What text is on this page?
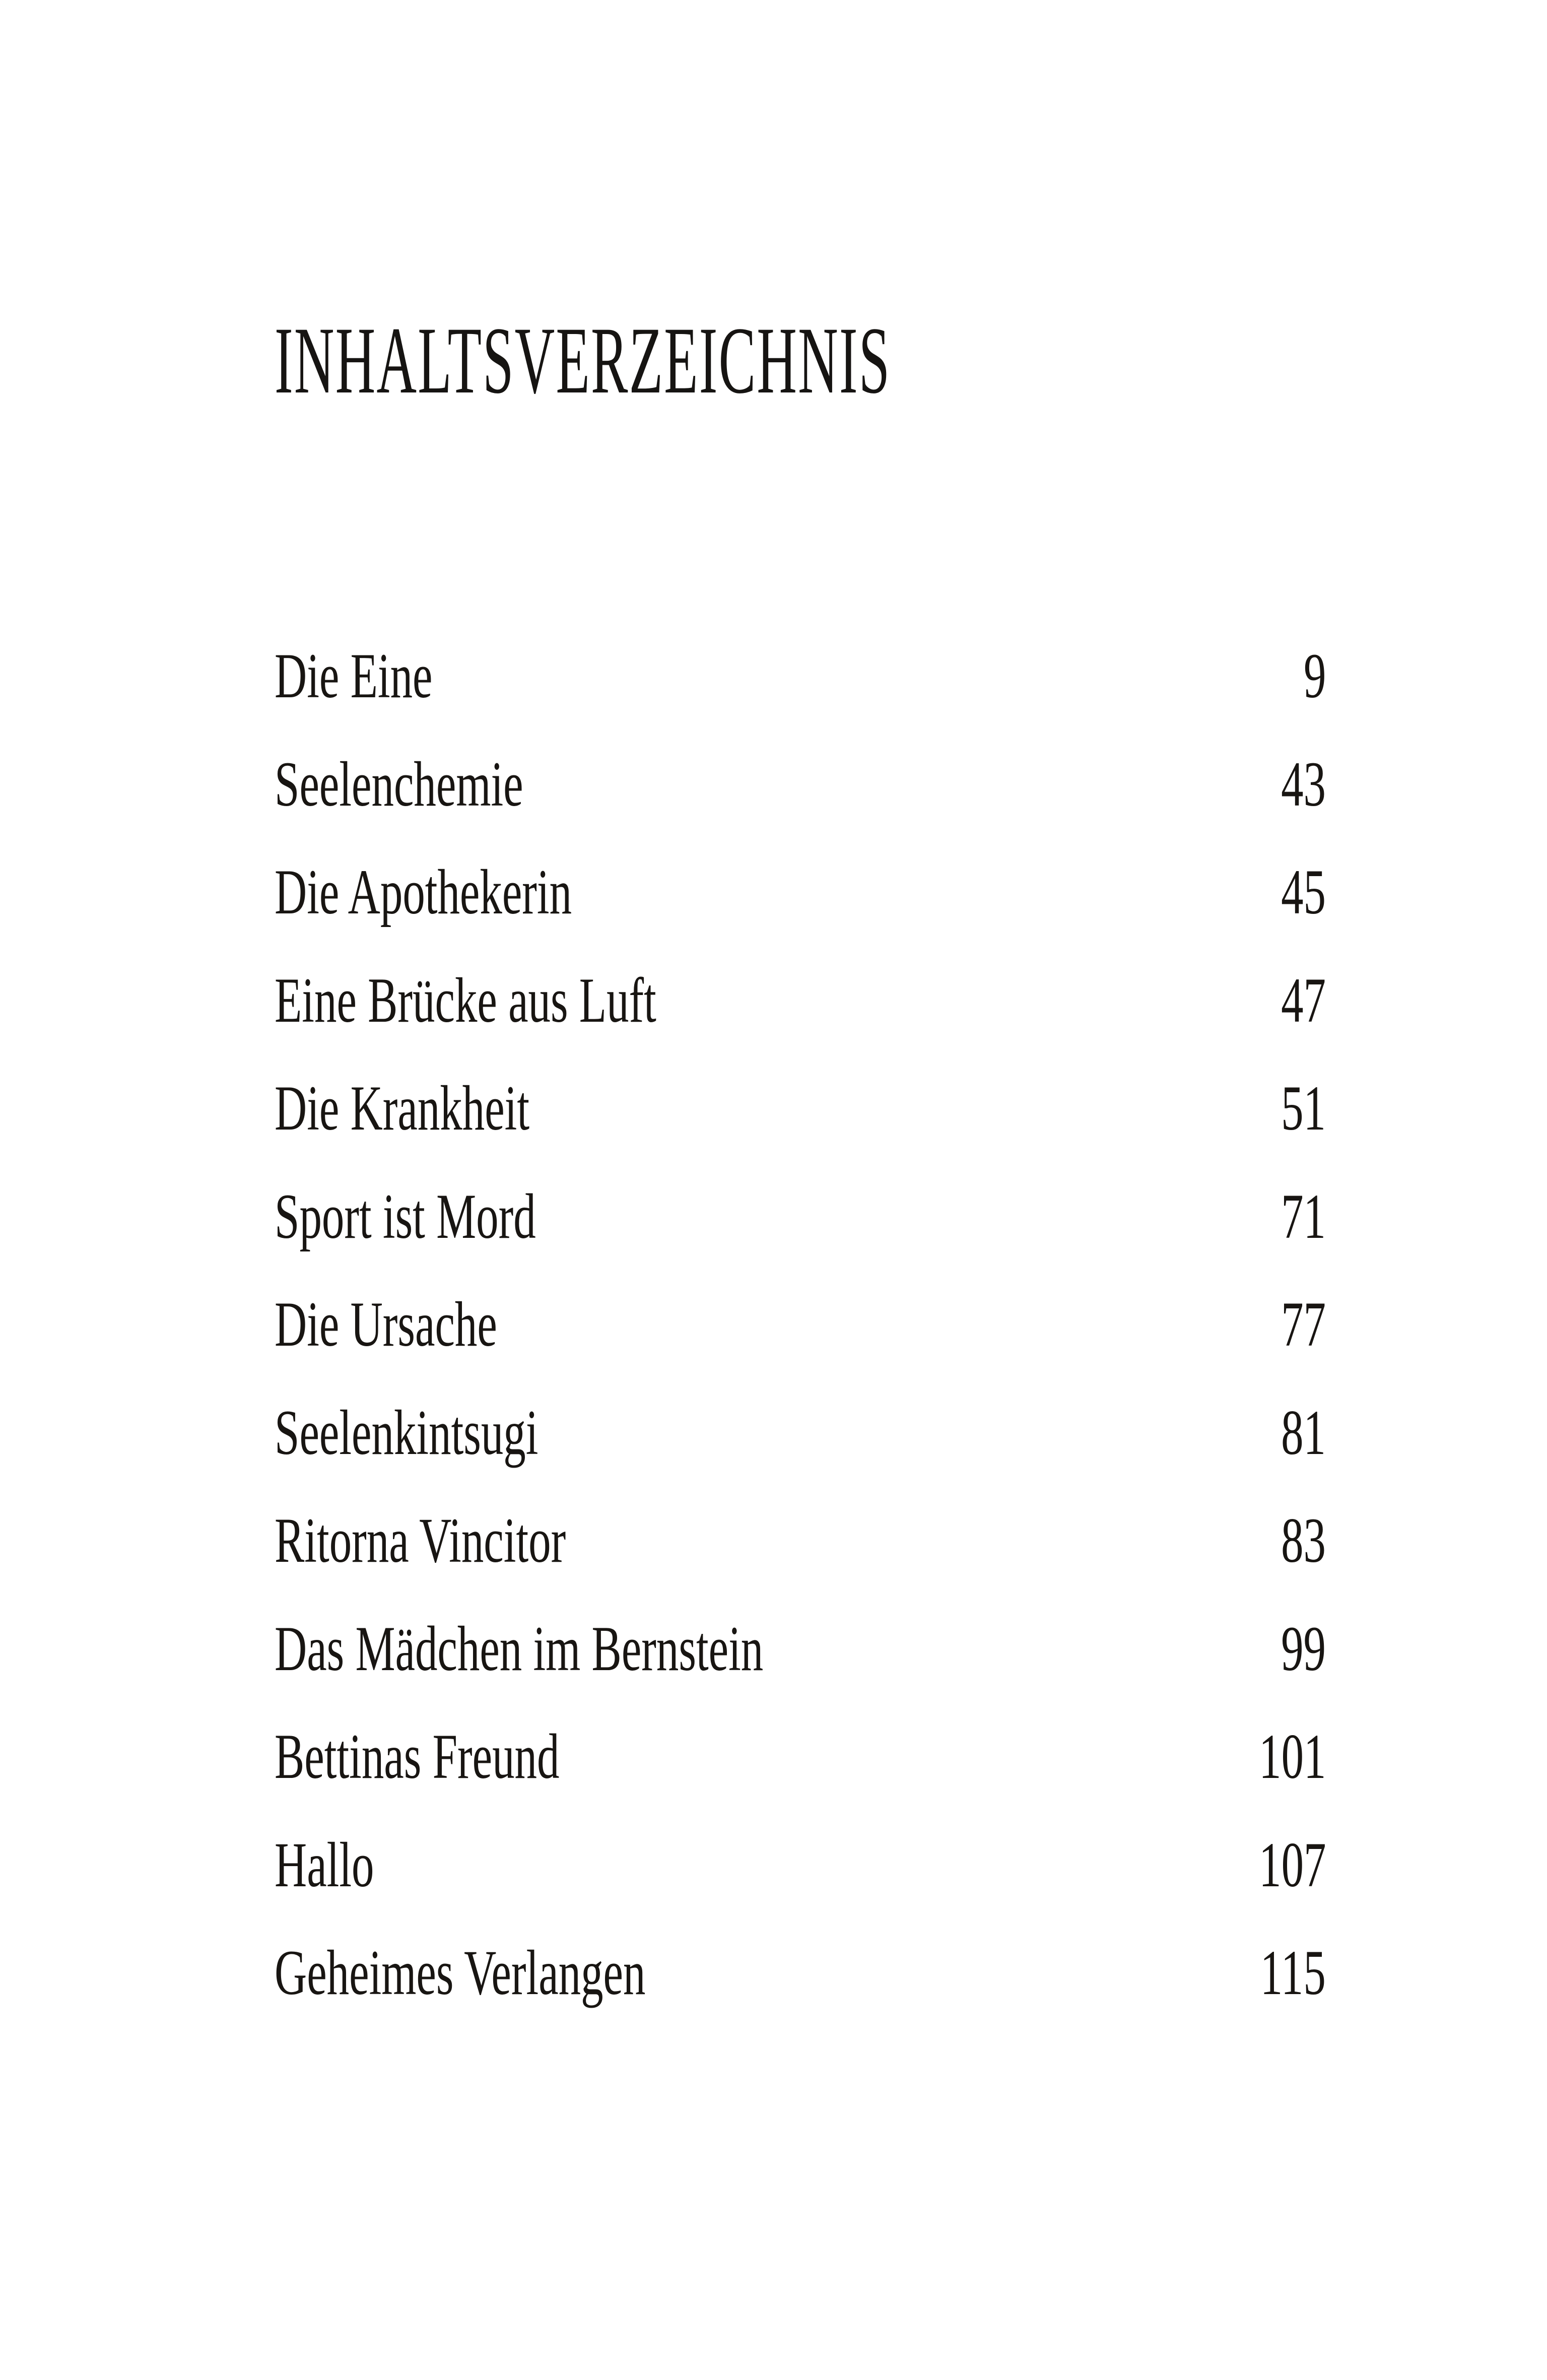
INHALTSVERZEICHNIS
Die Eine	9
Seelenchemie	43
Die Apothekerin	45
Eine Brücke aus Luft	47
Die Krankheit	51
Sport ist Mord	71
Die Ursache	77
Seelenkintsugi	81
Ritorna Vincitor	83
Das Mädchen im Bernstein	99
Bettinas Freund	101
Hallo	107
Geheimes Verlangen	115
